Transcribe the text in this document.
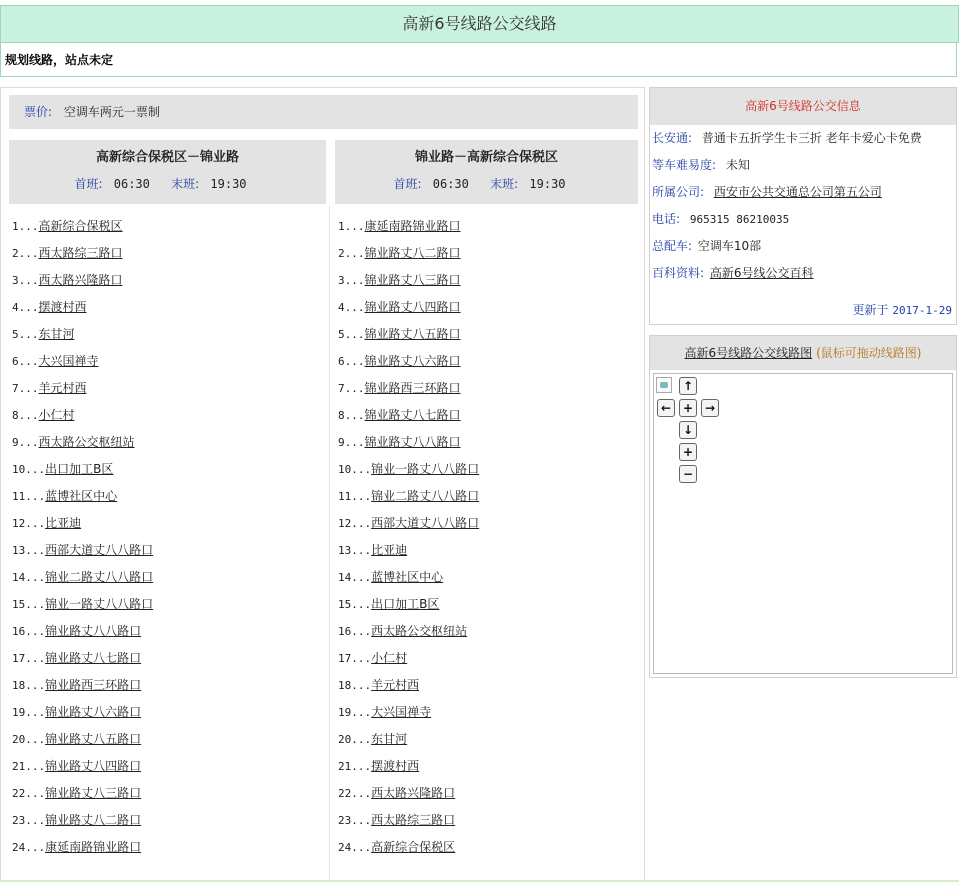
高新6号线路公交线路
规划线路，站点未定
票价: 空调车两元一票制
高新综合保税区－锦业路
首班: 06:30 末班: 19:30
锦业路－高新综合保税区
首班: 06:30 末班: 19:30
1...高新综合保税区
2...西太路综三路口
3...西太路兴隆路口
4...摆渡村西
5...东甘河
6...大兴国禅寺
7...羊元村西
8...小仁村
9...西太路公交枢纽站
10...出口加工B区
11...蓝博社区中心
12...比亚迪
13...西部大道丈八八路口
14...锦业二路丈八八路口
15...锦业一路丈八八路口
16...锦业路丈八八路口
17...锦业路丈八七路口
18...锦业路西三环路口
19...锦业路丈八六路口
20...锦业路丈八五路口
21...锦业路丈八四路口
22...锦业路丈八三路口
23...锦业路丈八二路口
24...康延南路锦业路口
1...康延南路锦业路口
2...锦业路丈八二路口
3...锦业路丈八三路口
4...锦业路丈八四路口
5...锦业路丈八五路口
6...锦业路丈八六路口
7...锦业路西三环路口
8...锦业路丈八七路口
9...锦业路丈八八路口
10...锦业一路丈八八路口
11...锦业二路丈八八路口
12...西部大道丈八八路口
13...比亚迪
14...蓝博社区中心
15...出口加工B区
16...西太路公交枢纽站
17...小仁村
18...羊元村西
19...大兴国禅寺
20...东甘河
21...摆渡村西
22...西太路兴隆路口
23...西太路综三路口
24...高新综合保税区
高新6号线路公交信息
长安通: 普通卡五折学生卡三折 老年卡爱心卡免费
等车难易度: 未知
所属公司: 西安市公共交通总公司第五公司
电话: 965315 86210035
总配车: 空调车10部
百科资料: 高新6号线公交百科
更新于 2017-1-29
高新6号线路公交线路图 (鼠标可拖动线路图)
↑
← + →
↓
+
−
